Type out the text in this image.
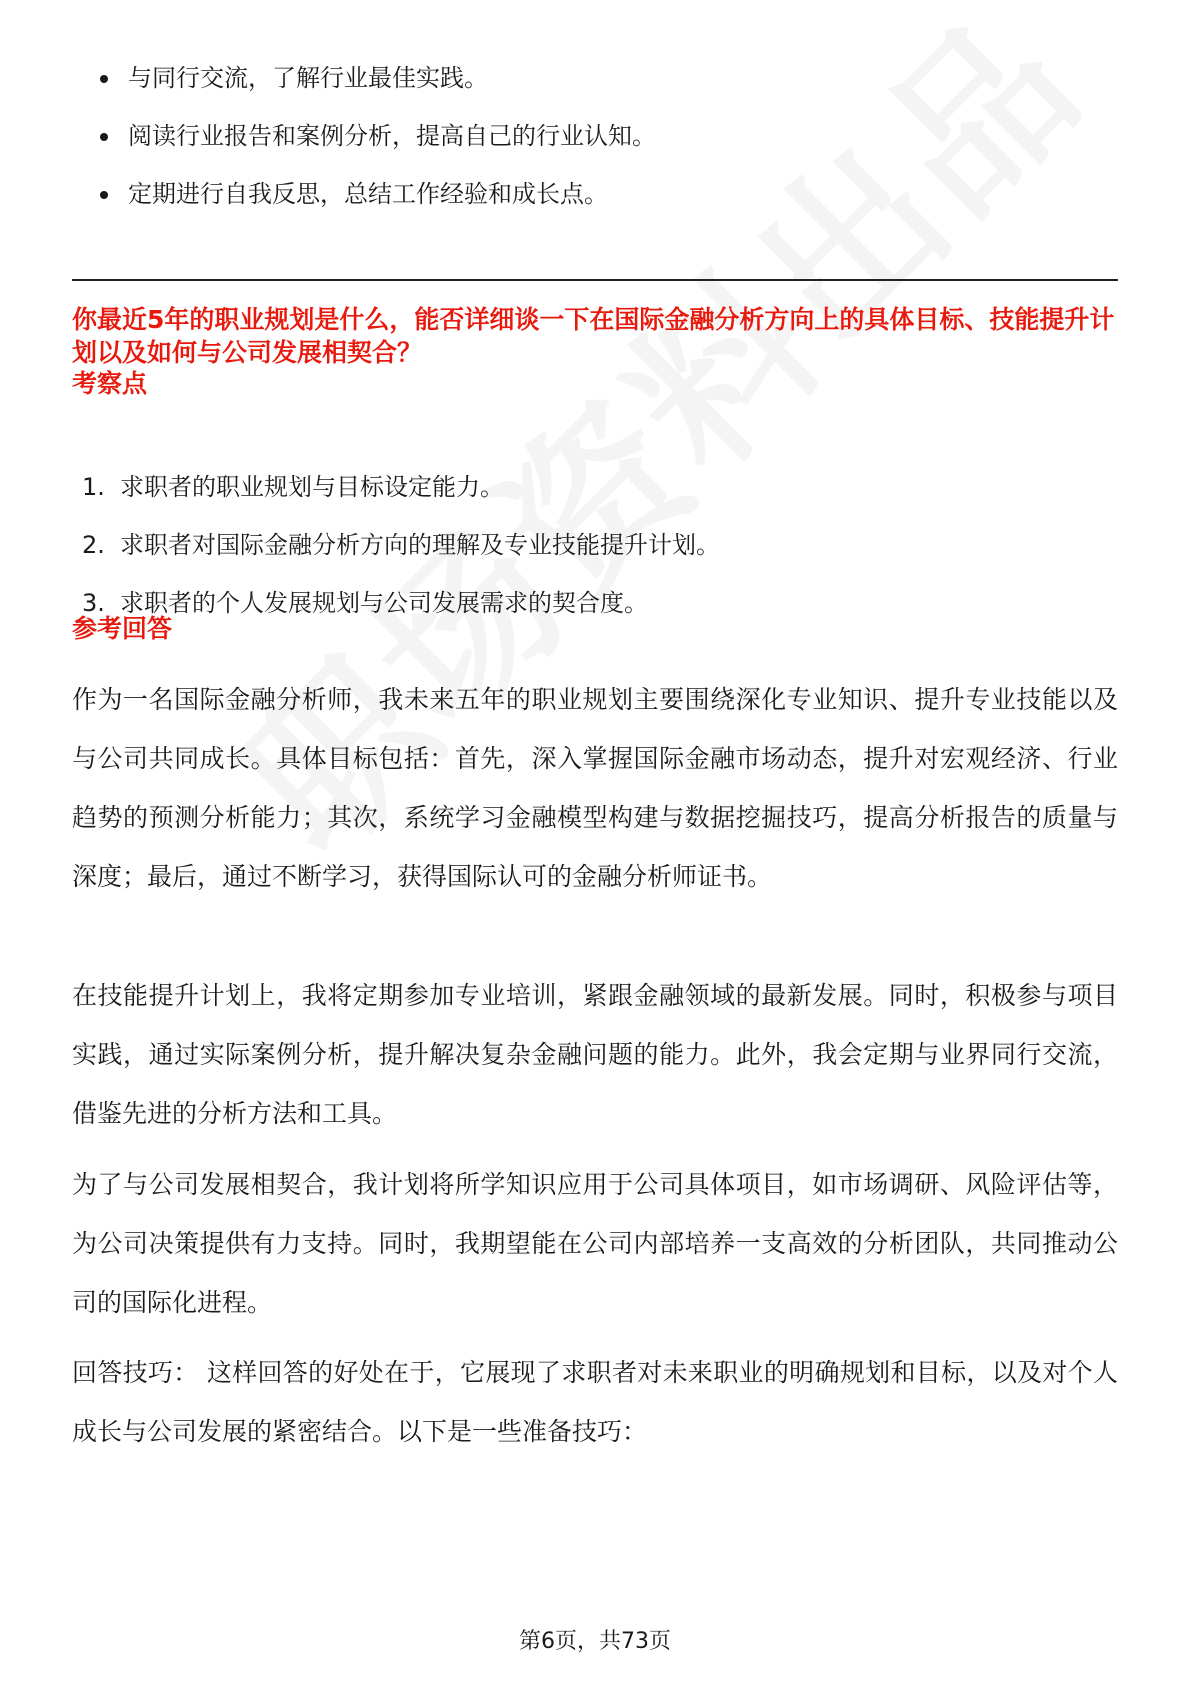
与同行交流，了解行业最佳实践。
阅读行业报告和案例分析，提高自己的行业认知。
定期进行自我反思，总结工作经验和成长点。

你最近5年的职业规划是什么，能否详细谈一下在国际金融分析方向上的具体目标、技能提升计划以及如何与公司发展相契合？

考察点

1. 求职者的职业规划与目标设定能力。
2. 求职者对国际金融分析方向的理解及专业技能提升计划。
3. 求职者的个人发展规划与公司发展需求的契合度。

参考回答

作为一名国际金融分析师，我未来五年的职业规划主要围绕深化专业知识、提升专业技能以及与公司共同成长。具体目标包括：首先，深入掌握国际金融市场动态，提升对宏观经济、行业趋势的预测分析能力；其次，系统学习金融模型构建与数据挖掘技巧，提高分析报告的质量与深度；最后，通过不断学习，获得国际认可的金融分析师证书。

在技能提升计划上，我将定期参加专业培训，紧跟金融领域的最新发展。同时，积极参与项目实践，通过实际案例分析，提升解决复杂金融问题的能力。此外，我会定期与业界同行交流，借鉴先进的分析方法和工具。

为了与公司发展相契合，我计划将所学知识应用于公司具体项目，如市场调研、风险评估等，为公司决策提供有力支持。同时，我期望能在公司内部培养一支高效的分析团队，共同推动公司的国际化进程。

回答技巧： 这样回答的好处在于，它展现了求职者对未来职业的明确规划和目标，以及对个人成长与公司发展的紧密结合。以下是一些准备技巧：

第6页，共73页
